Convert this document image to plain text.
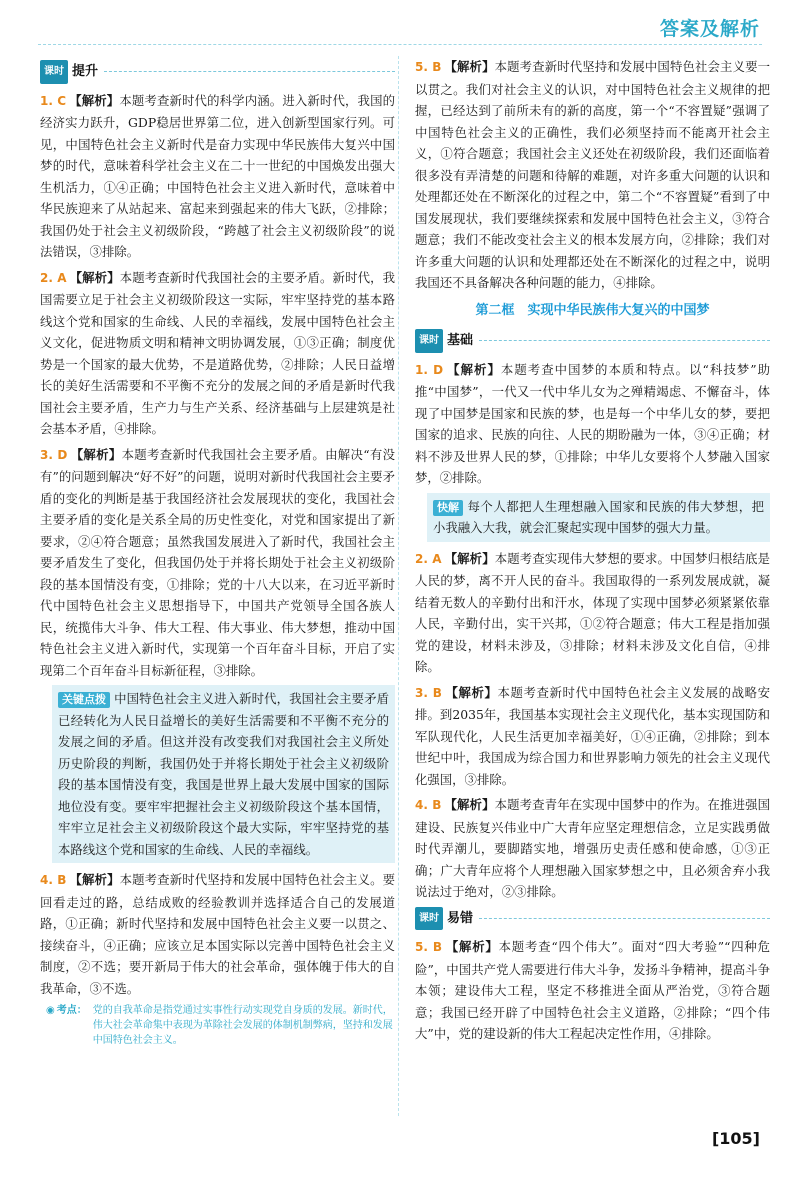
答案及解析
课时 提升

1. C 【解析】本题考查新时代的科学内涵。进入新时代，我国的经济实力跃升，GDP稳居世界第二位，进入创新型国家行列。可见，中国特色社会主义新时代是奋力实现中华民族伟大复兴中国梦的时代，意味着科学社会主义在二十一世纪的中国焕发出强大生机活力，①④正确；中国特色社会主义进入新时代，意味着中华民族迎来了从站起来、富起来到强起来的伟大飞跃，②排除；我国仍处于社会主义初级阶段，“跨越了社会主义初级阶段”的说法错误，③排除。

2. A 【解析】本题考查新时代我国社会的主要矛盾。新时代，我国需要立足于社会主义初级阶段这一实际，牢牢坚持党的基本路线这个党和国家的生命线、人民的幸福线，发展中国特色社会主义文化，促进物质文明和精神文明协调发展，①③正确；制度优势是一个国家的最大优势，不是道路优势，②排除；人民日益增长的美好生活需要和不平衡不充分的发展之间的矛盾是新时代我国社会主要矛盾，生产力与生产关系、经济基础与上层建筑是社会基本矛盾，④排除。

3. D 【解析】本题考查新时代我国社会主要矛盾。由解决“有没有”的问题到解决“好不好”的问题，说明对新时代我国社会主要矛盾的变化的判断是基于我国经济社会发展现状的变化，我国社会主要矛盾的变化是关系全局的历史性变化，对党和国家提出了新要求，②④符合题意；虽然我国发展进入了新时代，我国社会主要矛盾发生了变化，但我国仍处于并将长期处于社会主义初级阶段的基本国情没有变，①排除；党的十八大以来，在习近平新时代中国特色社会主义思想指导下，中国共产党领导全国各族人民，统揽伟大斗争、伟大工程、伟大事业、伟大梦想，推动中国特色社会主义进入新时代，实现第一个百年奋斗目标，开启了实现第二个百年奋斗目标新征程，③排除。

关键点拨 中国特色社会主义进入新时代，我国社会主要矛盾已经转化为人民日益增长的美好生活需要和不平衡不充分的发展之间的矛盾。但这并没有改变我们对我国社会主义所处历史阶段的判断，我国仍处于并将长期处于社会主义初级阶段的基本国情没有变，我国是世界上最大发展中国家的国际地位没有变。要牢牢把握社会主义初级阶段这个基本国情，牢牢立足社会主义初级阶段这个最大实际，牢牢坚持党的基本路线这个党和国家的生命线、人民的幸福线。

4. B 【解析】本题考查新时代坚持和发展中国特色社会主义。要回看走过的路，总结成败的经验教训并选择适合自己的发展道路，①正确；新时代坚持和发展中国特色社会主义要一以贯之、接续奋斗，④正确；应该立足本国实际以完善中国特色社会主义制度，②不选；要开新局于伟大的社会革命，强体魄于伟大的自我革命，③不选。

◉ 考点： 党的自我革命是指党通过实事性行动实现党自身质的发展。新时代，伟大社会革命集中表现为革除社会发展的体制机制弊病，坚持和发展中国特色社会主义。

5. B 【解析】本题考查新时代坚持和发展中国特色社会主义要一以贯之。我们对社会主义的认识，对中国特色社会主义规律的把握，已经达到了前所未有的新的高度，第一个“不容置疑”强调了中国特色社会主义的正确性，我们必须坚持而不能离开社会主义，①符合题意；我国社会主义还处在初级阶段，我们还面临着很多没有弄清楚的问题和待解的难题，对许多重大问题的认识和处理都还处在不断深化的过程之中，第二个“不容置疑”看到了中国发展现状，我们要继续探索和发展中国特色社会主义，③符合题意；我们不能改变社会主义的根本发展方向，②排除；我们对许多重大问题的认识和处理都还处在不断深化的过程之中，说明我国还不具备解决各种问题的能力，④排除。

第二框　实现中华民族伟大复兴的中国梦
课时 基础

1. D 【解析】本题考查中国梦的本质和特点。以“科技梦”助推“中国梦”，一代又一代中华儿女为之殚精竭虑、不懈奋斗，体现了中国梦是国家和民族的梦，也是每一个中华儿女的梦，要把国家的追求、民族的向往、人民的期盼融为一体，③④正确；材料不涉及世界人民的梦，①排除；中华儿女要将个人梦融入国家梦，②排除。

快解 每个人都把人生理想融入国家和民族的伟大梦想，把小我融入大我，就会汇聚起实现中国梦的强大力量。

2. A 【解析】本题考查实现伟大梦想的要求。中国梦归根结底是人民的梦，离不开人民的奋斗。我国取得的一系列发展成就，凝结着无数人的辛勤付出和汗水，体现了实现中国梦必须紧紧依靠人民，辛勤付出，实干兴邦，①②符合题意；伟大工程是指加强党的建设，材料未涉及，③排除；材料未涉及文化自信，④排除。

3. B 【解析】本题考查新时代中国特色社会主义发展的战略安排。到2035年，我国基本实现社会主义现代化，基本实现国防和军队现代化，人民生活更加幸福美好，①④正确，②排除；到本世纪中叶，我国成为综合国力和世界影响力领先的社会主义现代化强国，③排除。

4. B 【解析】本题考查青年在实现中国梦中的作为。在推进强国建设、民族复兴伟业中广大青年应坚定理想信念，立足实践勇做时代弄潮儿，要脚踏实地，增强历史责任感和使命感，①③正确；广大青年应将个人理想融入国家梦想之中，且必须舍弃小我说法过于绝对，②③排除。

课时 易错

5. B 【解析】本题考查“四个伟大”。面对“四大考验”“四种危险”，中国共产党人需要进行伟大斗争，发扬斗争精神，提高斗争本领；建设伟大工程，坚定不移推进全面从严治党，③符合题意；我国已经开辟了中国特色社会主义道路，②排除；“四个伟大”中，党的建设新的伟大工程起决定性作用，④排除。

[105]
